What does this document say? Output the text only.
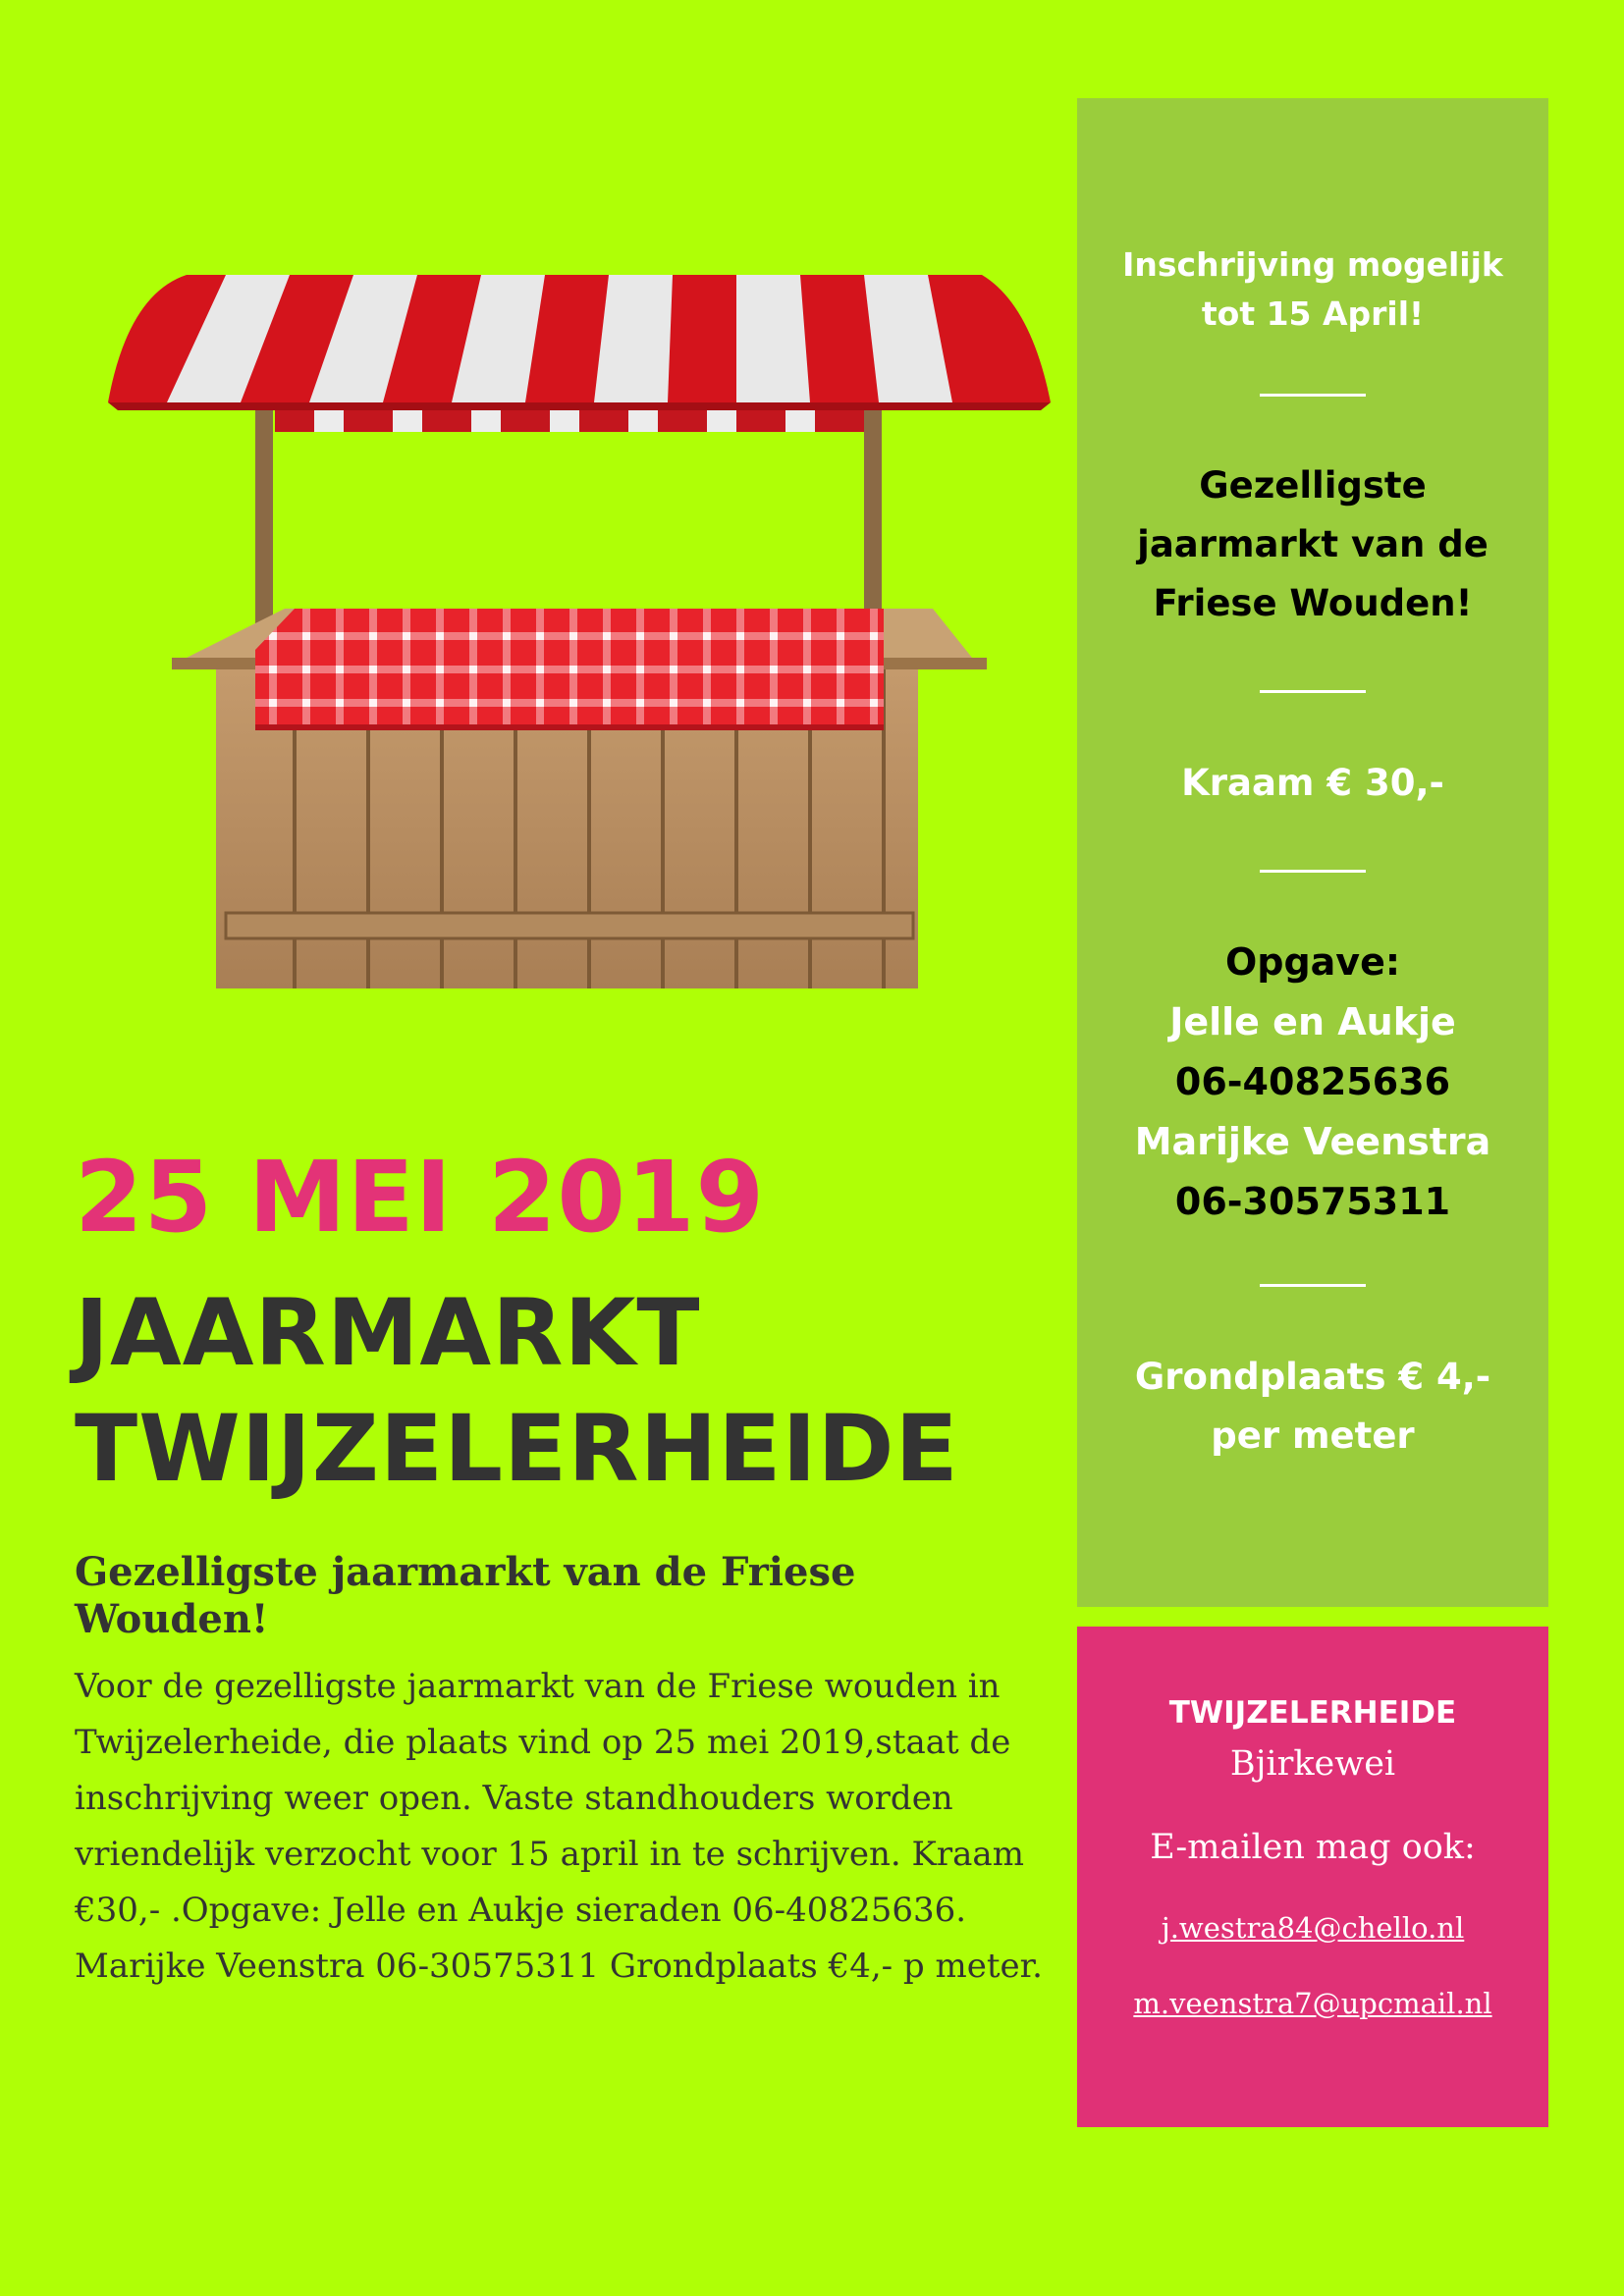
25 MEI 2019
JAARMARKT
TWIJZELERHEIDE
Gezelligste jaarmarkt van de Friese Wouden!

Voor de gezelligste jaarmarkt van de Friese wouden in Twijzelerheide, die plaats vind op 25 mei 2019,staat de inschrijving weer open. Vaste standhouders worden vriendelijk verzocht voor 15 april in te schrijven. Kraam €30,- .Opgave: Jelle en Aukje sieraden 06-40825636. Marijke Veenstra 06-30575311 Grondplaats €4,- p meter.

Inschrijving mogelijk
tot 15 April!
Gezelligste
jaarmarkt van de
Friese Wouden!
Kraam € 30,-
Opgave:
Jelle en Aukje
06-40825636
Marijke Veenstra
06-30575311
Grondplaats € 4,-
per meter
TWIJZELERHEIDE
Bjirkewei
E-mailen mag ook:
j.westra84@chello.nl
m.veenstra7@upcmail.nl
